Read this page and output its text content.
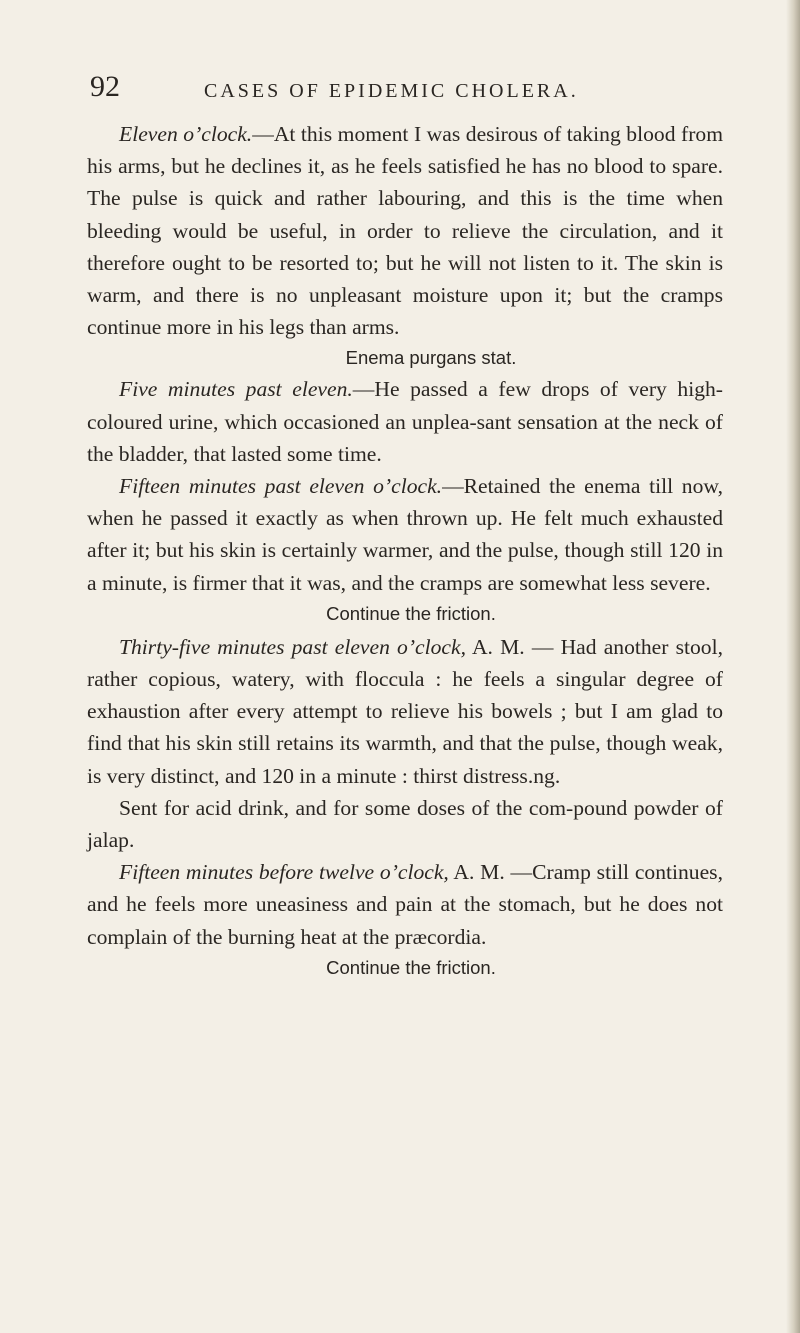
92	CASES OF EPIDEMIC CHOLERA.

Eleven o’clock.—At this moment I was desirous of taking blood from his arms, but he declines it, as he feels satisfied he has no blood to spare. The pulse is quick and rather labouring, and this is the time when bleeding would be useful, in order to relieve the circulation, and it therefore ought to be resorted to; but he will not listen to it. The skin is warm, and there is no unpleasant moisture upon it; but the cramps continue more in his legs than arms.

Enema purgans stat.

Five minutes past eleven.—He passed a few drops of very high-coloured urine, which occasioned an unplea-sant sensation at the neck of the bladder, that lasted some time.

Fifteen minutes past eleven o’clock.—Retained the enema till now, when he passed it exactly as when thrown up. He felt much exhausted after it; but his skin is certainly warmer, and the pulse, though still 120 in a minute, is firmer that it was, and the cramps are somewhat less severe.

Continue the friction.

Thirty-five minutes past eleven o’clock, A. M. — Had another stool, rather copious, watery, with floccula : he feels a singular degree of exhaustion after every attempt to relieve his bowels ; but I am glad to find that his skin still retains its warmth, and that the pulse, though weak, is very distinct, and 120 in a minute : thirst distress.ng.

Sent for acid drink, and for some doses of the com-pound powder of jalap.

Fifteen minutes before twelve o’clock, A. M. —Cramp still continues, and he feels more uneasiness and pain at the stomach, but he does not complain of the burning heat at the præcordia.

Continue the friction.
